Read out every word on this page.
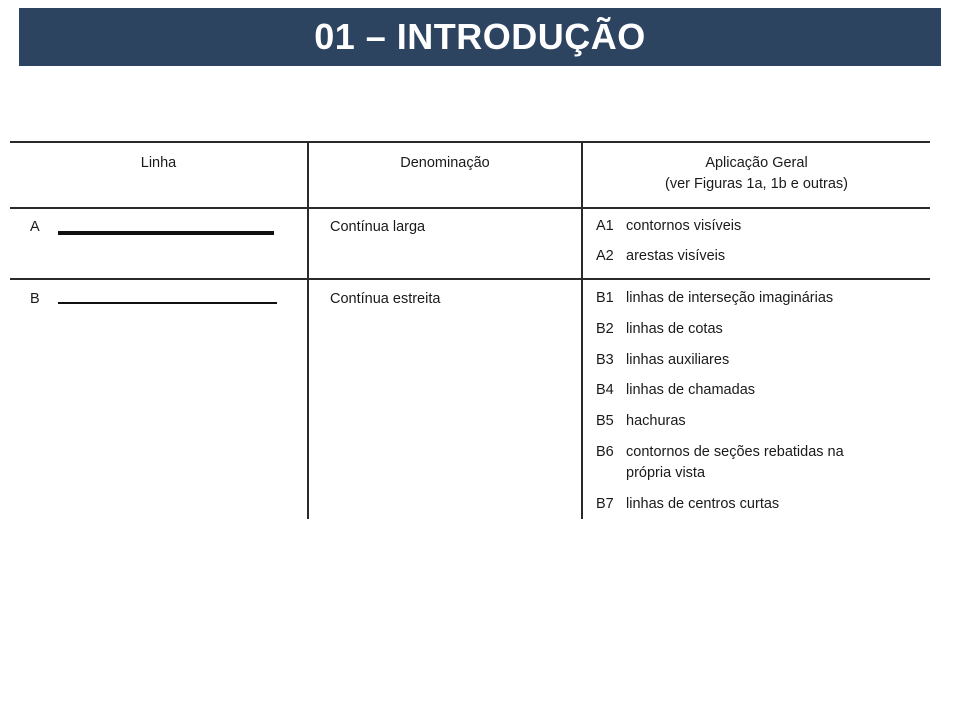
01 – INTRODUÇÃO
Linha	Denominação	Aplicação Geral
(ver Figuras 1a, 1b e outras)
A	Contínua larga	A1 contornos visíveis
A2 arestas visíveis
B	Contínua estreita	B1 linhas de interseção imaginárias
B2 linhas de cotas
B3 linhas auxiliares
B4 linhas de chamadas
B5 hachuras
B6 contornos de seções rebatidas na
própria vista
B7 linhas de centros curtas
